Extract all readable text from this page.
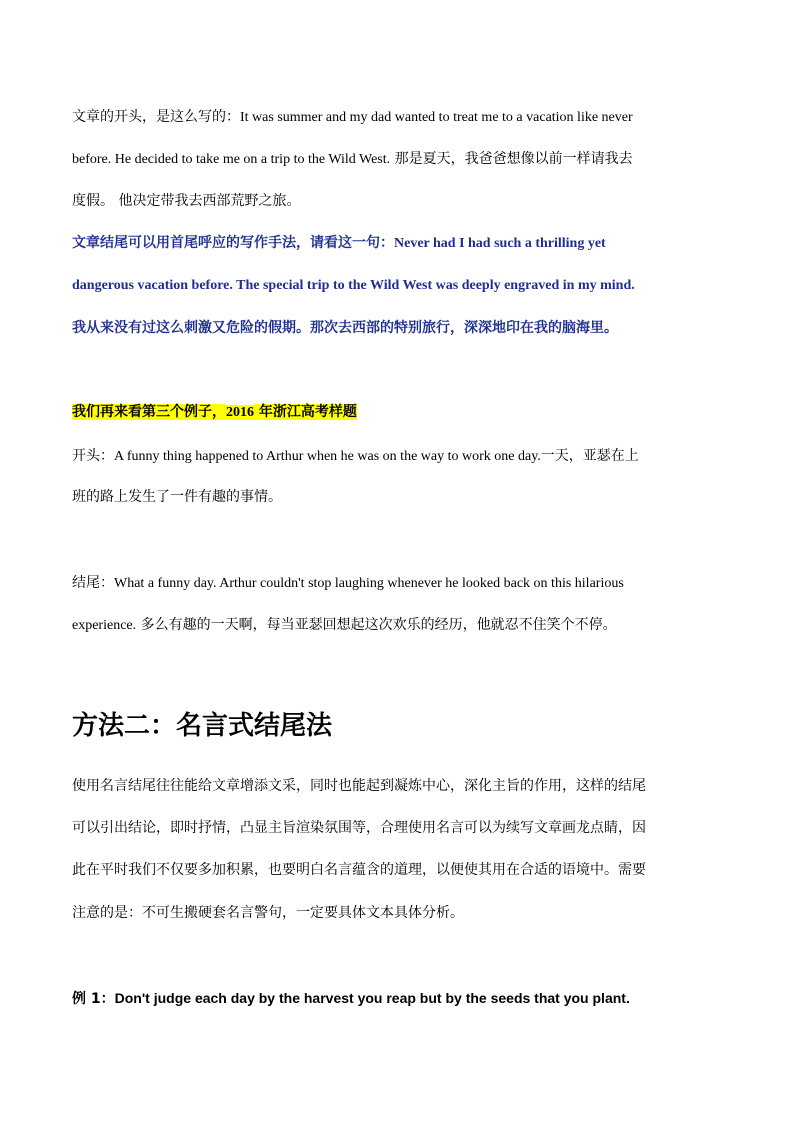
文章的开头，是这么写的：It was summer and my dad wanted to treat me to a vacation like never
before. He decided to take me on a trip to the Wild West. 那是夏天，我爸爸想像以前一样请我去
度假。 他决定带我去西部荒野之旅。
文章结尾可以用首尾呼应的写作手法，请看这一句：Never had I had such a thrilling yet
dangerous vacation before. The special trip to the Wild West was deeply engraved in my mind.
我从来没有过这么刺激又危险的假期。那次去西部的特别旅行，深深地印在我的脑海里。
我们再来看第三个例子，2016 年浙江高考样题
开头：A funny thing happened to Arthur when he was on the way to work one day.一天，亚瑟在上
班的路上发生了一件有趣的事情。
结尾：What a funny day. Arthur couldn't stop laughing whenever he looked back on this hilarious
experience. 多么有趣的一天啊，每当亚瑟回想起这次欢乐的经历，他就忍不住笑个不停。
方法二：名言式结尾法
使用名言结尾往往能给文章增添文采，同时也能起到凝炼中心，深化主旨的作用，这样的结尾
可以引出结论，即时抒情，凸显主旨渲染氛围等，合理使用名言可以为续写文章画龙点睛，因
此在平时我们不仅要多加积累，也要明白名言蕴含的道理，以便使其用在合适的语境中。需要
注意的是：不可生搬硬套名言警句，一定要具体文本具体分析。
例 1：Don't judge each day by the harvest you reap but by the seeds that you plant.
